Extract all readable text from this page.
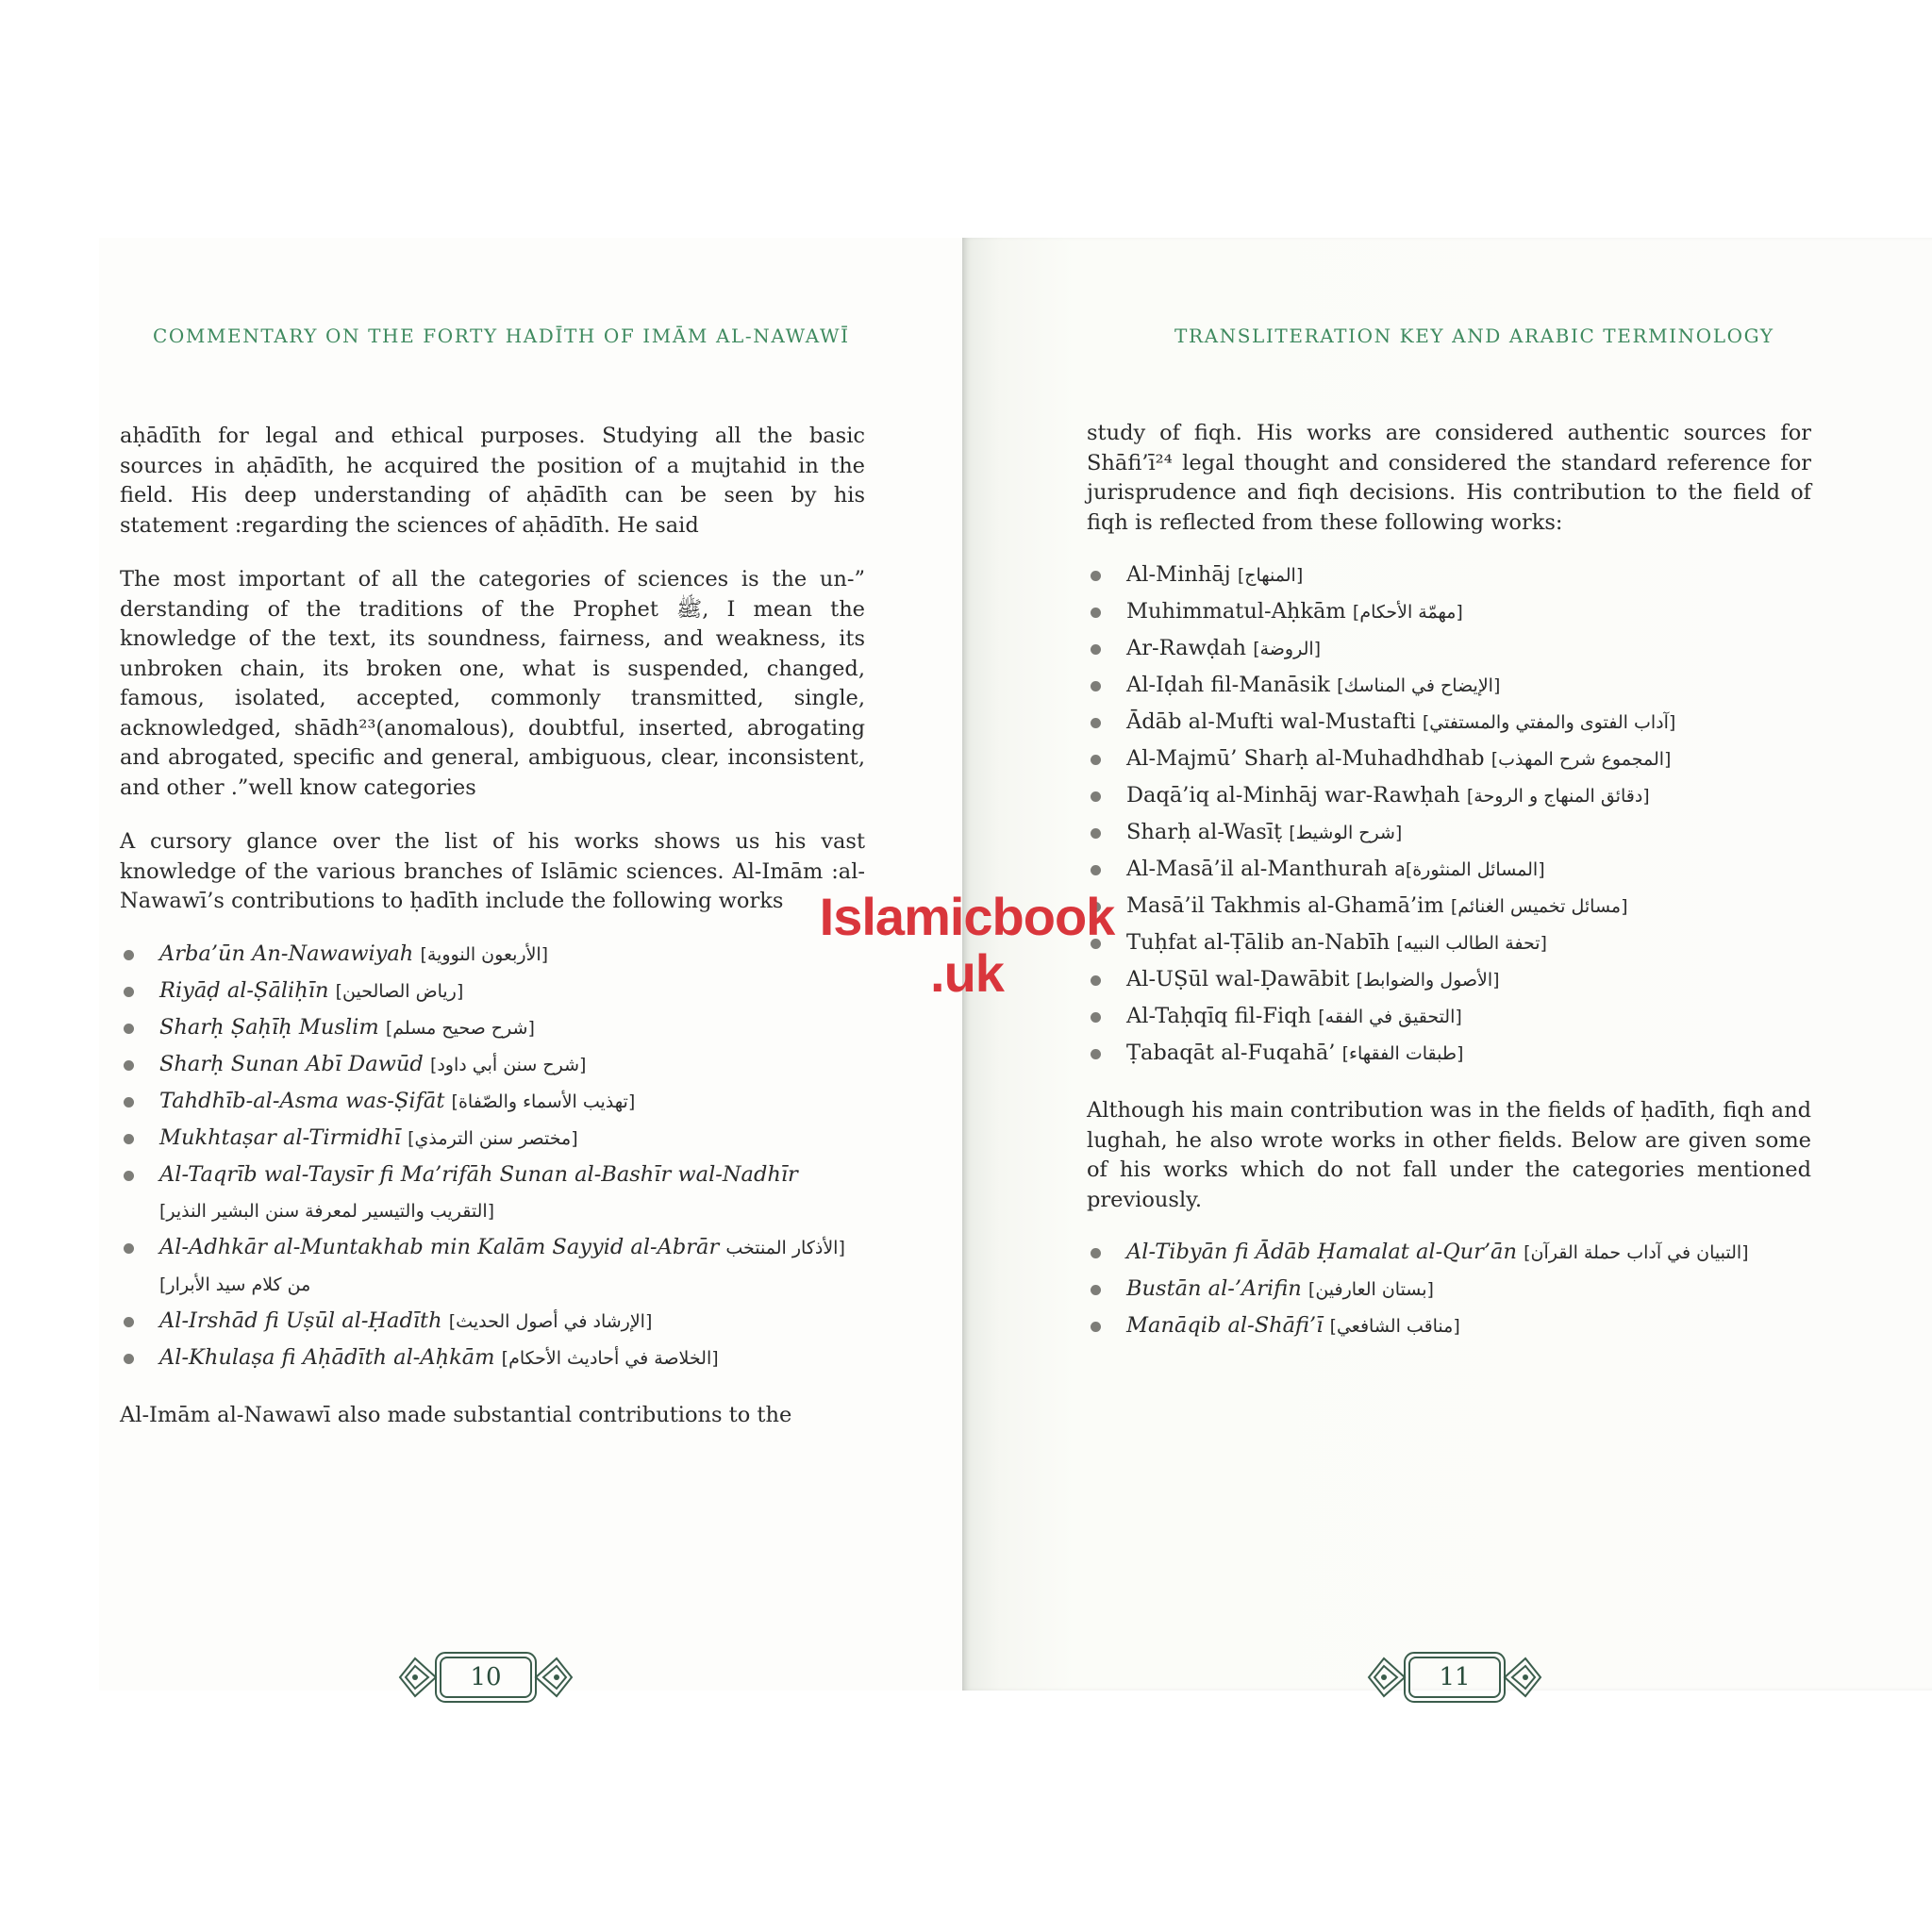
COMMENTARY ON THE FORTY HADĪTH OF IMĀM AL-NAWAWĪ

aḥādīth for legal and ethical purposes. Studying all the basic sources in aḥādīth, he acquired the position of a mujtahid in the field. His deep understanding of aḥādīth can be seen by his statement :regarding the sciences of aḥādīth. He said

The most important of all the categories of sciences is the un-” derstanding of the traditions of the Prophet ﷺ, I mean the knowledge of the text, its soundness, fairness, and weakness, its unbroken chain, its broken one, what is suspended, changed, famous, isolated, accepted, commonly transmitted, single, acknowledged, shādh²³(anomalous), doubtful, inserted, abrogating and abrogated, specific and general, ambiguous, clear, inconsistent, and other .”well know categories

A cursory glance over the list of his works shows us his vast knowledge of the various branches of Islāmic sciences. Al-Imām :al-Nawawī’s contributions to ḥadīth include the following works

Arba’ūn An-Nawawiyah [الأربعون النووية]
Riyāḍ al-Ṣāliḥīn [رياض الصالحين]
Sharḥ Ṣaḥīḥ Muslim [شرح صحيح مسلم]
Sharḥ Sunan Abī Dawūd [شرح سنن أبي داود]
Tahdhīb-al-Asma was-Ṣifāt [تهذيب الأسماء والصّفاة]
Mukhtaṣar al-Tirmidhī [مختصر سنن الترمذي]
Al-Taqrīb wal-Taysīr fi Ma’rifāh Sunan al-Bashīr wal-Nadhīr [التقريب والتيسير لمعرفة سنن البشير النذير]
Al-Adhkār al-Muntakhab min Kalām Sayyid al-Abrār [الأذكار المنتخب من كلام سيد الأبرار]
Al-Irshād fi Uṣūl al-Ḥadīth [الإرشاد في أصول الحديث]
Al-Khulaṣa fi Aḥādīth al-Aḥkām [الخلاصة في أحاديث الأحكام]

Al-Imām al-Nawawī also made substantial contributions to the

10
TRANSLITERATION KEY AND ARABIC TERMINOLOGY

study of fiqh. His works are considered authentic sources for Shāfi’ī²⁴ legal thought and considered the standard reference for jurisprudence and fiqh decisions. His contribution to the field of fiqh is reflected from these following works:

Al-Minhāj [المنهاج]
Muhimmatul-Aḥkām [مهمّة الأحكام]
Ar-Rawḍah [الروضة]
Al-Iḍah fil-Manāsik [الإيضاح في المناسك]
Ādāb al-Mufti wal-Mustafti [آداب الفتوى والمفتي والمستفتي]
Al-Majmū’ Sharḥ al-Muhadhdhab [المجموع شرح المهذب]
Daqā’iq al-Minhāj war-Rawḥah [دقائق المنهاج و الروحة]
Sharḥ al-Wasīṭ [شرح الوشيط]
Al-Masā’il al-Manthurah [المسائل المنثورة]a
Masā’il Takhmis al-Ghamā’im [مسائل تخميس الغنائم]
Tuḥfat al-Ṭālib an-Nabīh [تحفة الطالب النبيه]
Al-UṢūl wal-Ḍawābit [الأصول والضوابط]
Al-Taḥqīq fil-Fiqh [التحقيق في الفقه]
Ṭabaqāt al-Fuqahā’ [طبقات الفقهاء]

Although his main contribution was in the fields of ḥadīth, fiqh and lughah, he also wrote works in other fields. Below are given some of his works which do not fall under the categories mentioned previously.

Al-Tibyān fi Ādāb Ḥamalat al-Qur’ān [التبيان في آداب حملة القرآن]
Bustān al-’Arifin [بستان العارفين]
Manāqib al-Shāfi’ī [مناقب الشافعي]
11
Islamicbook
.uk
